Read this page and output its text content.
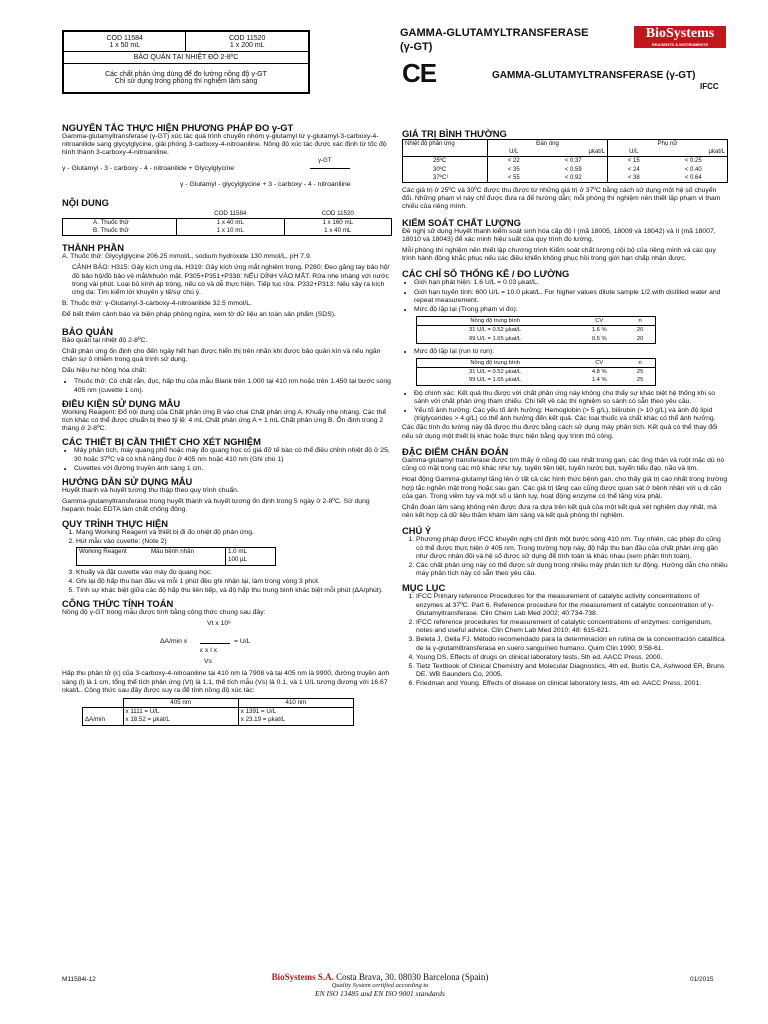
COD 11584
1 x 50 mL

COD 11520
1 x 200 mL

BẢO QUẢN TẠI NHIỆT ĐỘ 2-8ºC

Các chất phản ứng dùng để đo lường nồng độ γ-GT
Chỉ sử dụng trong phòng thí nghiệm lâm sàng
GAMMA-GLUTAMYLTRANSFERASE
(γ-GT)
BioSystems
REAGENTS & INSTRUMENTS
CE	GAMMA-GLUTAMYLTRANSFERASE (γ-GT)
IFCC
NGUYÊN TẮC THỰC HIỆN PHƯƠNG PHÁP ĐO γ-GT

Gamma-glutamyltransferase (γ-GT) xúc tác quá trình chuyển nhóm γ-glutamyl từ γ-glutamyl-3-carboxy-4-nitroanilide sang glycylglycine, giải phóng 3-carboxy-4-nitroaniline. Nồng độ xúc tác được xác định từ tốc độ hình thành 3-carboxy-4-nitroaniline.

γ - Glutamyl - 3 - carboxy - 4 - nitroanilide + Glycylglycine
γ-GT
γ - Glutamyl - glycylglycine + 3 - carboxy - 4 - nitroaniline
NỘI DUNG
	COD 11584	COD 11520
A. Thuốc thử	1 x 40 mL	1 x 160 mL
B. Thuốc thử	1 x 10 mL	1 x 40 mL
THÀNH PHẦN

A. Thuốc thử: Glycylglycine 206.25 mmol/L, sodium hydroxide 130 mmol/L, pH 7.9.

CẢNH BÁO: H315: Gây kích ứng da, H319: Gây kích ứng mắt nghiêm trọng, P280: Đeo găng tay bảo hộ/đồ bảo hộ/đồ bảo vệ mắt/khuôn mặt. P305+P351+P338: NẾU DÍNH VÀO MẮT: Rửa nhẹ nhàng với nước trong vài phút. Loại bỏ kính áp tròng, nếu có và dễ thực hiện. Tiếp tục rửa. P332+P313: Nếu xảy ra kích ứng da: Tìm kiếm lời khuyên y tế/sự chú ý.

B. Thuốc thử: γ-Glutamyl-3-carboxy-4-nitroanilide 32.5 mmol/L.

Để biết thêm cảnh báo và biện pháp phòng ngừa, xem tờ dữ liệu an toàn sản phẩm (SDS).

BẢO QUẢN

Bảo quản tại nhiệt độ 2-8ºC.

Chất phản ứng ổn định cho đến ngày hết hạn được hiển thị trên nhãn khi được bảo quản kín và nếu ngăn chặn sự ô nhiễm trong quá trình sử dụng.

Dấu hiệu hư hỏng hóa chất:

• Thuốc thử: Có chất rắn, đục, hấp thụ của mẫu Blank trên 1.000 tại 410 nm hoặc trên 1.450 tại bước sóng 405 nm (cuvette 1 cm).
ĐIỀU KIỆN SỬ DỤNG MẪU

Working Reagent: Đổ nội dung của Chất phản ứng B vào chai Chất phản ứng A. Khuấy nhẹ nhàng. Các thể tích khác có thể được chuẩn bị theo tỷ lệ: 4 mL Chất phản ứng A + 1 mL Chất phản ứng B. Ổn định trong 2 tháng ở 2-8ºC.

CÁC THIẾT BỊ CẦN THIẾT CHO XÉT NGHIỆM
• Máy phân tích, máy quang phổ hoặc máy đo quang học có giá đỡ tế bào có thể điều chỉnh nhiệt độ ở 25, 30 hoặc 37ºC và có khả năng đọc ở 405 nm hoặc 410 nm (Ghi chú 1)
• Cuvettes với đường truyền ánh sáng 1 cm.
HƯỚNG DẪN SỬ DỤNG MẪU

Huyết thanh và huyết tương thu thập theo quy trình chuẩn.

Gamma-glutamyltransferase trong huyết thanh và huyết tương ổn định trong 5 ngày ở 2-8ºC. Sử dụng heparin hoặc EDTA làm chất chống đông.

QUY TRÌNH THỰC HIỆN
1. Mang Working Reagent và thiết bị đi đo nhiệt độ phản ứng.
2. Hút mẫu vào cuvette: (Note 2)
Working Reagent	Mẫu bệnh nhân	1.0 mL
		100 µL
3. Khuấy và đặt cuvette vào máy đo quang học.
4. Ghi lại độ hấp thu ban đầu và mỗi 1 phút đều ghi nhận lại, làm trong vòng 3 phút.
5. Tính sự khác biệt giữa các độ hấp thu liên tiếp, và độ hấp thu trung bình khác biệt mỗi phút (ΔA/phút).
CÔNG THỨC TÍNH TOÁN

Nồng độ γ-GT trong mẫu được tính bằng công thức chung sau đây:

Vt x 10⁶
ΔA/min x	= U/L
ε x l x
Vs

Hấp thu phân tử (ε) của 3-carboxy-4-nitroaniline tại 410 nm là 7908 và tại 405 nm là 9900, đường truyền ánh sáng (l) là 1 cm, tổng thể tích phản ứng (Vt) là 1.1, thể tích mẫu (Vs) là 0.1, và 1 U/L tương đương với 16.67 nkat/L. Công thức sau đây được suy ra để tính nồng độ xúc tác:

	405 nm	410 nm
ΔA/min	x 1111 = U/L	x 1391 = U/L
	x 18.52 = µkat/L	x 23.19 = µkat/L
GIÁ TRỊ BÌNH THƯỜNG
Nhiệt độ phản ứng	Đàn ông		Phụ nữ	
	U/L	µkat/L	U/L	µkat/L
25ºC	< 22	< 0.37	< 15	< 0.25
30ºC	< 35	< 0.59	< 24	< 0.40
37ºC¹	< 55	< 0.92	< 38	< 0.64

Các giá trị ở 25ºC và 30ºC được thu được từ những giá trị ở 37ºC bằng cách sử dụng một hệ số chuyển đổi. Những phạm vi này chỉ được đưa ra để hướng dẫn; mỗi phòng thí nghiệm nên thiết lập phạm vi tham chiếu của riêng mình.

KIỂM SOÁT CHẤT LƯỢNG

Đề nghị sử dụng Huyết thanh kiểm soát sinh hóa cấp độ I (mã 18005, 18009 và 18042) và II (mã 18007, 18010 và 18043) để xác minh hiệu suất của quy trình đo lường.

Mỗi phòng thí nghiệm nên thiết lập chương trình Kiểm soát chất lượng nội bộ của riêng mình và các quy trình hành động khắc phục nếu các điều khiển không phục hồi trong giới hạn chấp nhận được.

CÁC CHỈ SỐ THỐNG KÊ / ĐO LƯỜNG
• Giới hạn phát hiện: 1.6 U/L = 0.03 µkat/L.
• Giới hạn tuyến tính: 600 U/L = 10.0 µkat/L. For higher values dilute sample 1/2 with distilled water and repeat measurement.
• Mức độ lặp lại (Trong phạm vi đo):
Nồng độ trung bình	CV	n
31 U/L = 0.52 µkat/L	1.6 %	20
99 U/L = 1.65 µkat/L	0.5 %	20
• Mức độ lặp lại (run to run):
Nồng độ trung bình	CV	n
31 U/L = 0.52 µkat/L	4.8 %	25
99 U/L = 1.65 µkat/L	1.4 %	25
• Độ chính xác: Kết quả thu được với chất phản ứng này không cho thấy sự khác biệt hệ thống khi so sánh với chất phản ứng tham chiếu. Chi tiết về các thí nghiệm so sánh có sẵn theo yêu cầu.
• Yếu tố ảnh hưởng: Các yếu tố ảnh hưởng: Hemoglobin (> 5 g/L), bilirubin (> 10 g/L) và ánh độ lipid (triglycerides > 4 g/L) có thể ảnh hưởng đến kết quả. Các loại thuốc và chất khác có thể ảnh hưởng.

Các đặc tính đo lường này đã được thu được bằng cách sử dụng máy phân tích. Kết quả có thể thay đổi nếu sử dụng một thiết bị khác hoặc thực hiện bằng quy trình thủ công.

ĐẶC ĐIỂM CHẨN ĐOÁN

Gamma-glutamyl transferase được tìm thấy ở nồng độ cao nhất trong gan, các ống thận và ruột mặc dù nó cũng có mặt trong các mô khác như tụy, tuyến tiền liệt, tuyến nước bọt, tuyến tiểu đạo, não và tim.

Hoạt động Gamma-glutamyl tăng lên ở tất cả các hình thức bệnh gan, cho thấy giá trị cao nhất trong trường hợp tắc nghẽn mật trong hoặc sau gan. Các giá trị tăng cao cũng được quan sát ở bệnh nhân với u di căn của gan. Trong viêm tụy và một số u lành tụy, hoạt động enzyme có thể tăng vừa phải.

Chẩn đoán lâm sàng không nên được đưa ra dựa trên kết quả của một kết quả xét nghiệm duy nhất, mà nên kết hợp cả dữ liệu thăm khám lâm sàng và kết quả phòng thí nghiệm.

CHÚ Ý
1. Phương pháp được IFCC khuyến nghị chỉ định một bước sóng 410 nm. Tuy nhiên, các phép đo cũng có thể được thực hiện ở 405 nm. Trong trường hợp này, độ hấp thu ban đầu của chất phản ứng gần như được nhân đôi và hệ số được sử dụng để tính toán là khác nhau (xem phần tính toán).
2. Các chất phản ứng này có thể được sử dụng trong nhiều máy phân tích tự động. Hướng dẫn cho nhiều máy phân tích này có sẵn theo yêu cầu.
MỤC LỤC
1. IFCC Primary reference Procedures for the measurement of catalytic activity concentrations of enzymes at 37ºC. Part 6. Reference procedure for the measurement of catalytic concentration of γ-Glutamyltransferase. Clin Chem Lab Med 2002; 40:734-738.
2. IFCC reference procedures for measurement of catalytic concentrations of enzymes: corrigendum, notes and useful advice. Clin Chem Lab Med 2010; 48: 615-621.
3. Beleta J, Gella FJ. Método recomendado para la determinación en rutina de la concentración catalítica de la γ-glutamiltransferasa en suero sanguíneo humano. Quim Clin 1990; 9:58-61.
4. Young DS. Effects of drugs on clinical laboratory tests, 5th ed. AACC Press, 2000.
5. Tietz Textbook of Clinical Chemistry and Molecular Diagnostics, 4th ed. Burtis CA, Ashwood ER, Bruns DE. WB Saunders Co, 2005.
6. Friedman and Young. Effects of disease on clinical laboratory tests, 4th ed. AACC Press, 2001.
M11584i-12	BioSystems S.A. Costa Brava, 30. 08030 Barcelona (Spain)
Quality System certified according to
EN ISO 13485 and EN ISO 9001 standards
01/2015
